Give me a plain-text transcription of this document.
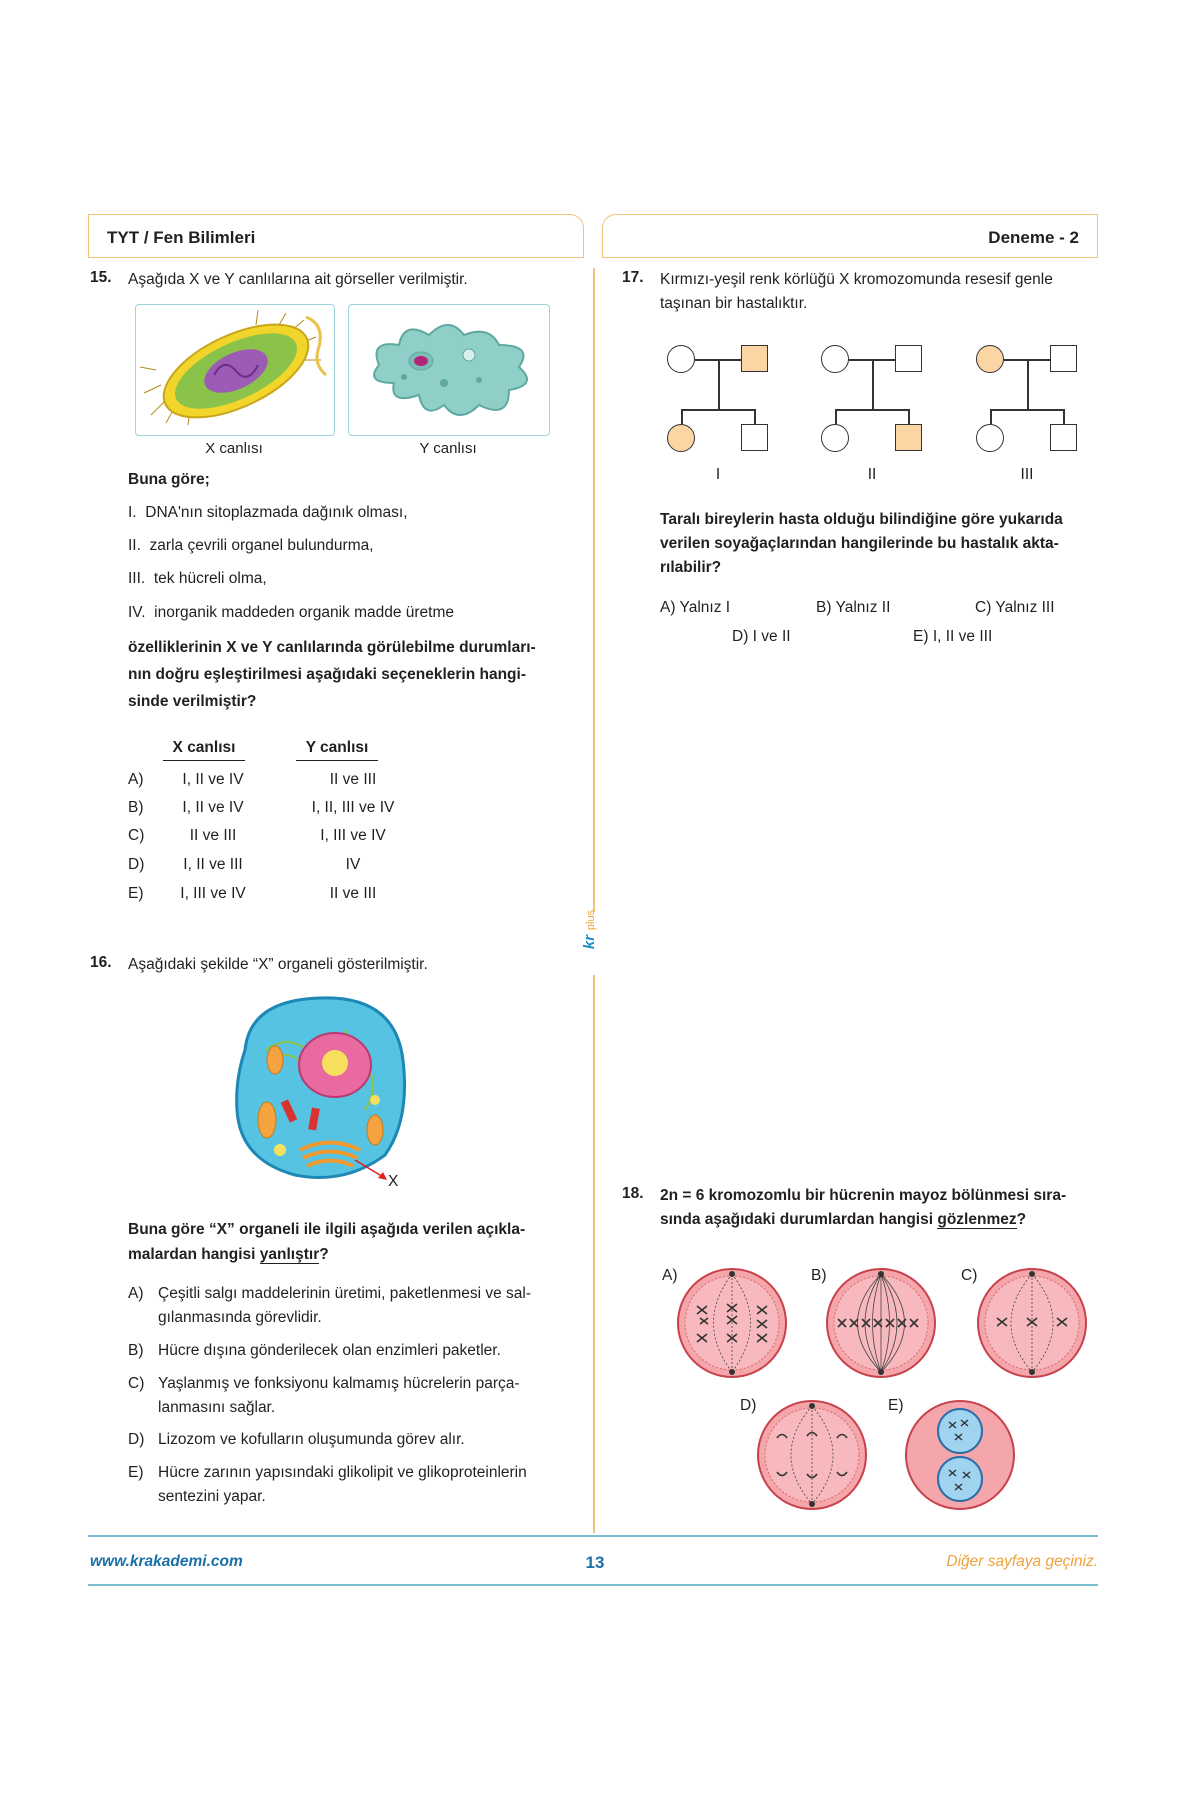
TYT / Fen Bilimleri	Deneme - 2
kr
plus
15. Aşağıda X ve Y canlılarına ait görseller verilmiştir.
X canlısı	Y canlısı
Buna göre;
I. DNA'nın sitoplazmada dağınık olması,
II. zarla çevrili organel bulundurma,
III. tek hücreli olma,
IV. inorganik maddeden organik madde üretme
özelliklerinin X ve Y canlılarında görülebilme durumları-
nın doğru eşleştirilmesi aşağıdaki seçeneklerin hangi-
sinde verilmiştir?
X canlısı	Y canlısı
A)	I, II ve IV	II ve III
B)	I, II ve IV	I, II, III ve IV
C)	II ve III	I, III ve IV
D)	I, II ve III	IV
E)	I, III ve IV	II ve III
16. Aşağıdaki şekilde “X” organeli gösterilmiştir.
X
Buna göre “X” organeli ile ilgili aşağıda verilen açıkla-
malardan hangisi yanlıştır?
A) Çeşitli salgı maddelerinin üretimi, paketlenmesi ve sal-
gılanmasında görevlidir.
B) Hücre dışına gönderilecek olan enzimleri paketler.
C) Yaşlanmış ve fonksiyonu kalmamış hücrelerin parça-
lanmasını sağlar.
D) Lizozom ve kofulların oluşumunda görev alır.
E) Hücre zarının yapısındaki glikolipit ve glikoproteinlerin
sentezini yapar.
17. Kırmızı-yeşil renk körlüğü X kromozomunda resesif genle
taşınan bir hastalıktır.
I	II	III
Taralı bireylerin hasta olduğu bilindiğine göre yukarıda
verilen soyağaçlarından hangilerinde bu hastalık akta-
rılabilir?
A) Yalnız I	B) Yalnız II	C) Yalnız III
D) I ve II	E) I, II ve III
18. 2n = 6 kromozomlu bir hücrenin mayoz bölünmesi sıra-
sında aşağıdaki durumlardan hangisi gözlenmez?
A)	B)	C)
D)	E)
www.krakademi.com	13	Diğer sayfaya geçiniz.
